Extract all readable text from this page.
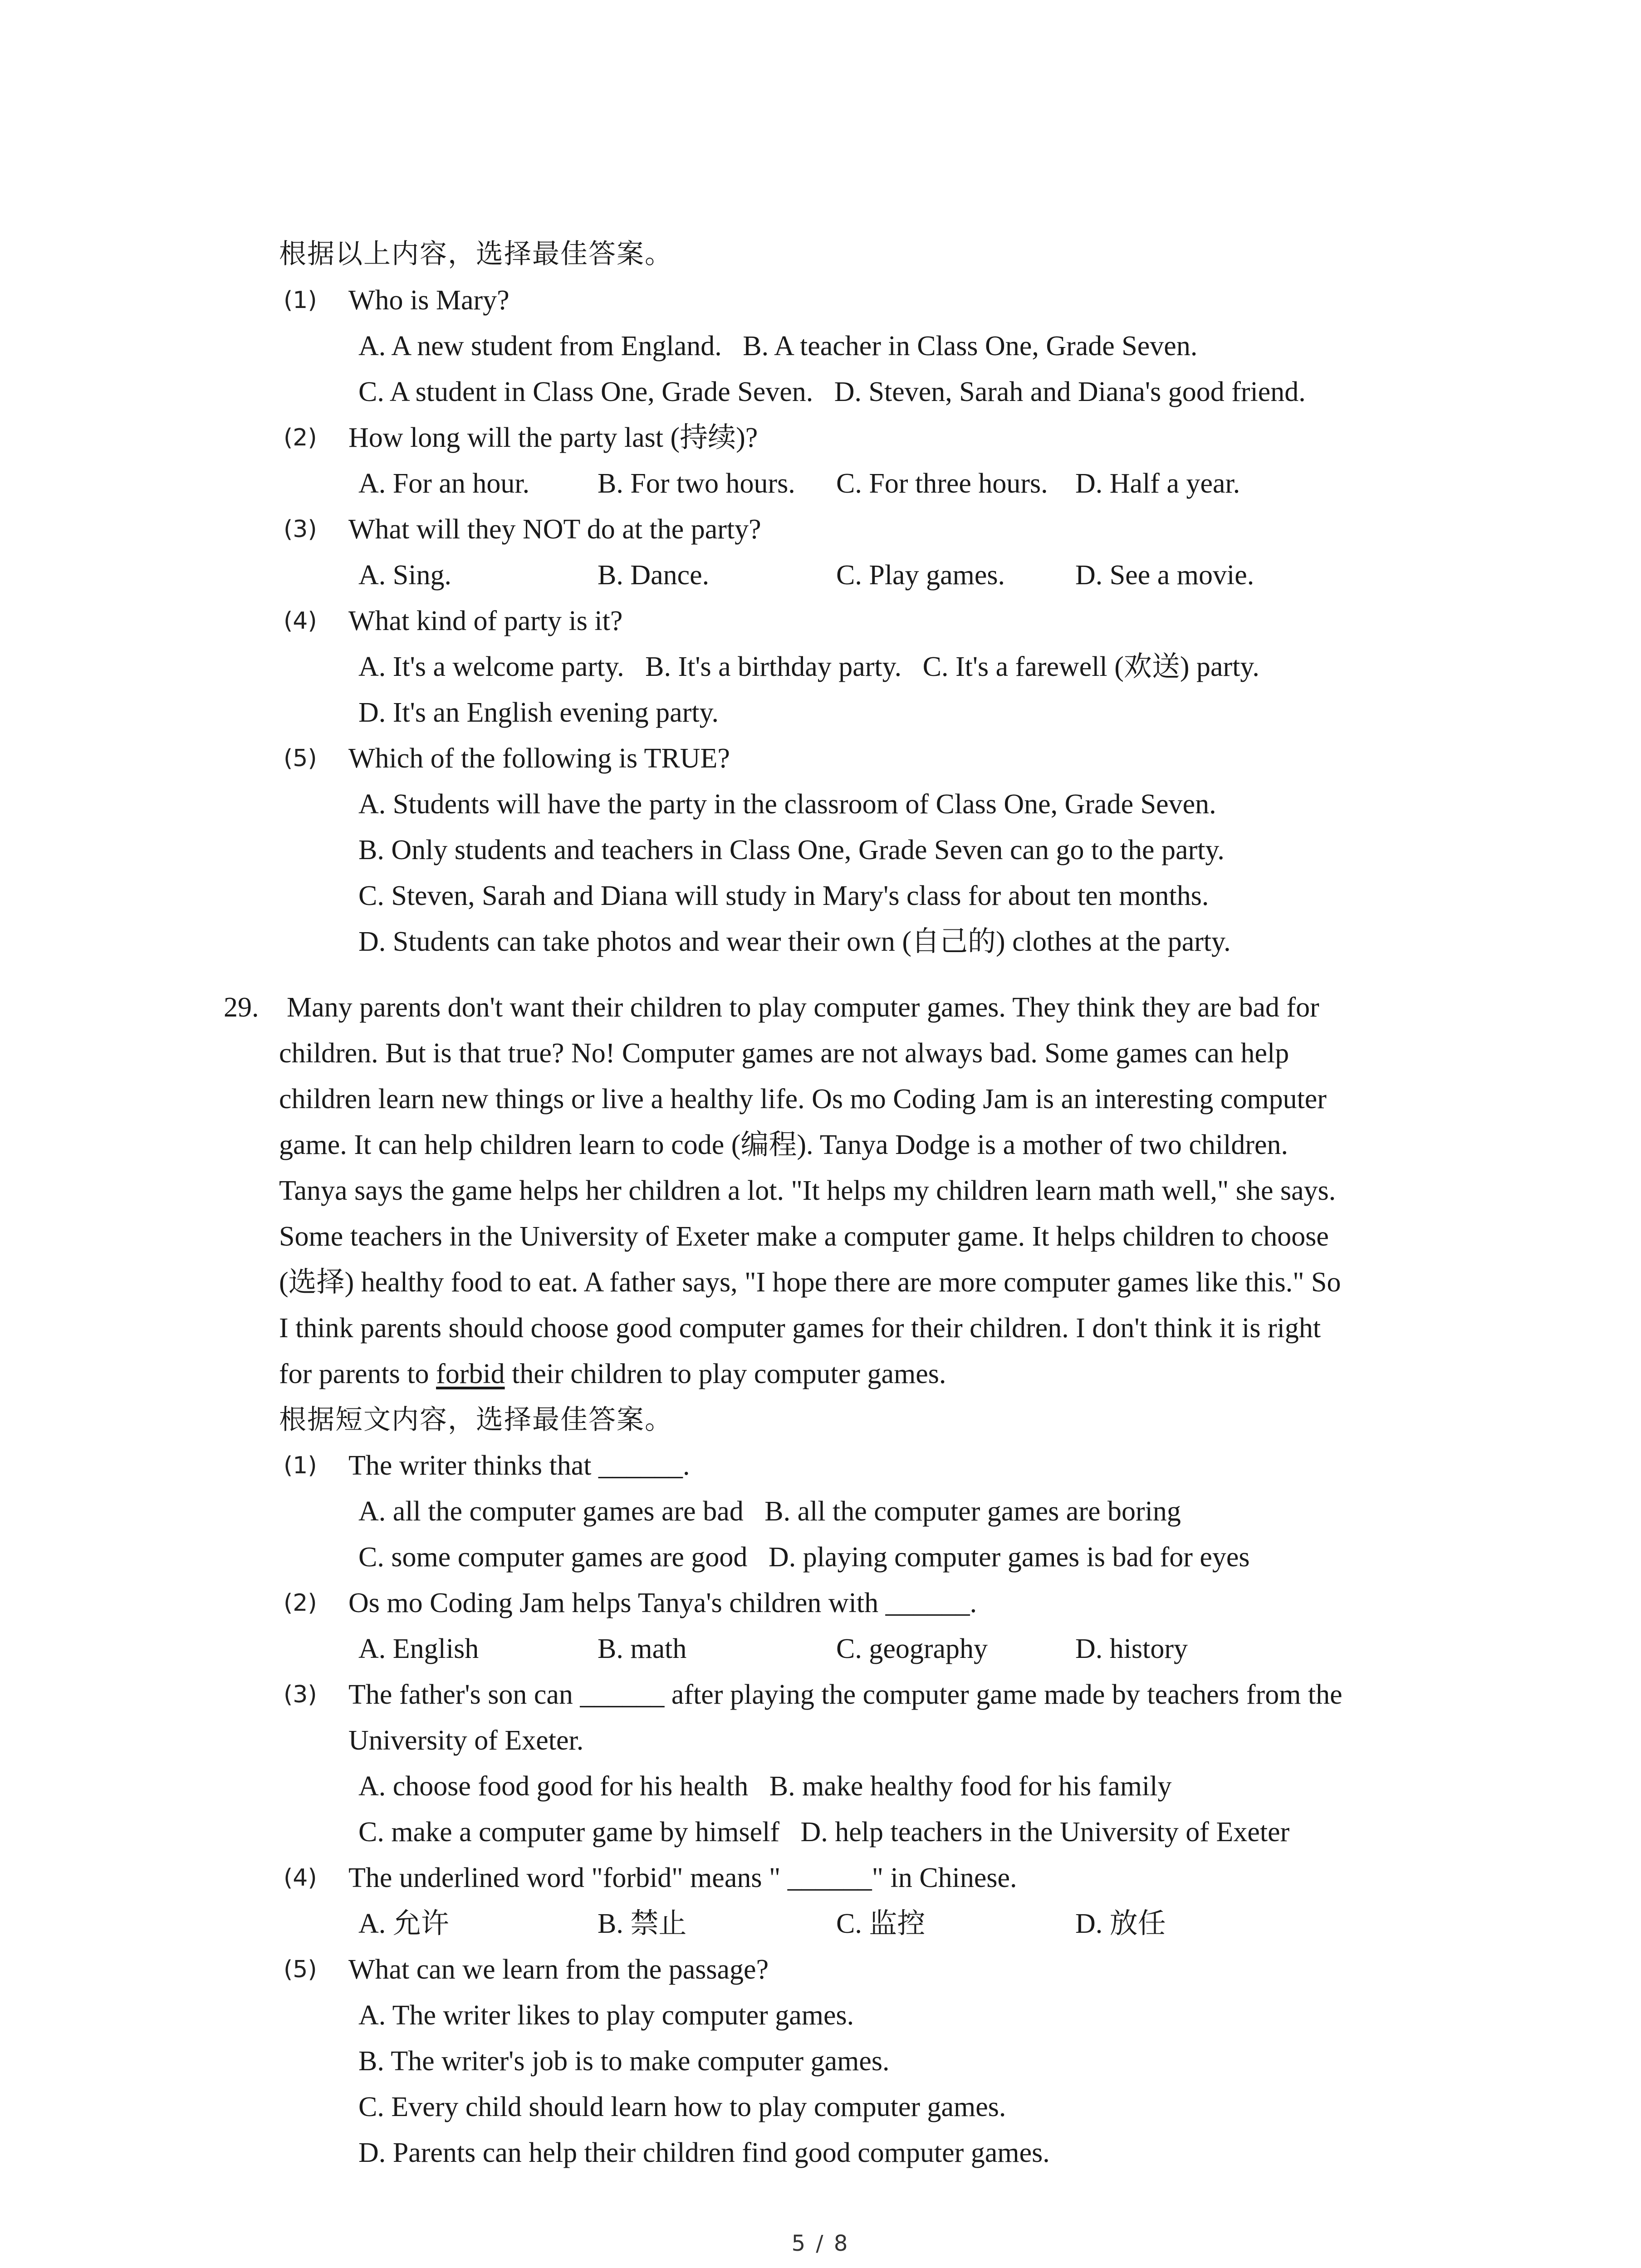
根据以上内容，选择最佳答案。
(1) Who is Mary?
A. A new student from England.   B. A teacher in Class One, Grade Seven.
C. A student in Class One, Grade Seven.   D. Steven, Sarah and Diana's good friend.
(2) How long will the party last (持续)?
A. For an hour. B. For two hours. C. For three hours. D. Half a year.
(3) What will they NOT do at the party?
A. Sing.	B. Dance.	C. Play games.	D. See a movie.
(4) What kind of party is it?
A. It's a welcome party.   B. It's a birthday party.   C. It's a farewell (欢送) party.
D. It's an English evening party.
(5) Which of the following is TRUE?
A. Students will have the party in the classroom of Class One, Grade Seven.
B. Only students and teachers in Class One, Grade Seven can go to the party.
C. Steven, Sarah and Diana will study in Mary's class for about ten months.
D. Students can take photos and wear their own (自己的) clothes at the party.
29. Many parents don't want their children to play computer games. They think they are bad for
children. But is that true? No! Computer games are not always bad. Some games can help
children learn new things or live a healthy life. Os mo Coding Jam is an interesting computer
game. It can help children learn to code (编程). Tanya Dodge is a mother of two children.
Tanya says the game helps her children a lot. "It helps my children learn math well," she says.
Some teachers in the University of Exeter make a computer game. It helps children to choose
(选择) healthy food to eat. A father says, "I hope there are more computer games like this." So
I think parents should choose good computer games for their children. I don't think it is right
for parents to forbid their children to play computer games.
根据短文内容，选择最佳答案。
(1) The writer thinks that ______.
A. all the computer games are bad   B. all the computer games are boring
C. some computer games are good   D. playing computer games is bad for eyes
(2) Os mo Coding Jam helps Tanya's children with ______.
A. English	B. math	C. geography	D. history
(3) The father's son can ______ after playing the computer game made by teachers from the
University of Exeter.
A. choose food good for his health   B. make healthy food for his family
C. make a computer game by himself   D. help teachers in the University of Exeter
(4) The underlined word "forbid" means " ______" in Chinese.
A. 允许	B. 禁止	C. 监控	D. 放任
(5) What can we learn from the passage?
A. The writer likes to play computer games.
B. The writer's job is to make computer games.
C. Every child should learn how to play computer games.
D. Parents can help their children find good computer games.
5 / 8
